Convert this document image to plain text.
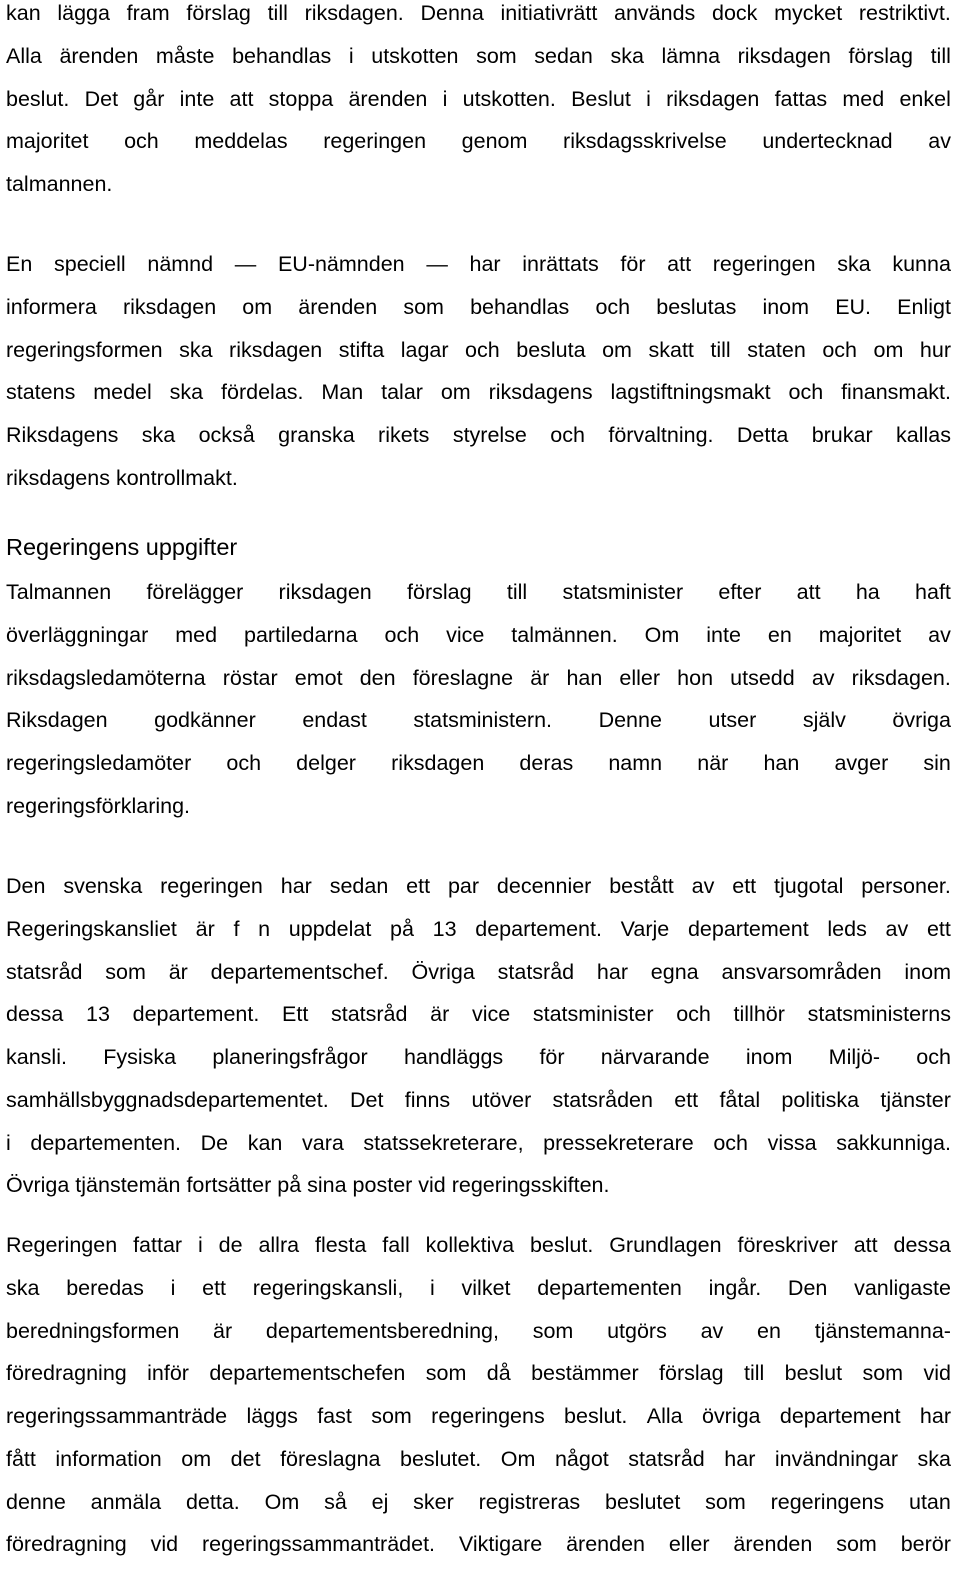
kan lägga fram förslag till riksdagen. Denna initiativrätt används dock mycket restriktivt.
Alla ärenden måste behandlas i utskotten som sedan ska lämna riksdagen förslag till
beslut. Det går inte att stoppa ärenden i utskotten. Beslut i riksdagen fattas med enkel
majoritet och meddelas regeringen genom riksdagsskrivelse undertecknad av
talmannen.
En speciell nämnd — EU-nämnden — har inrättats för att regeringen ska kunna
informera riksdagen om ärenden som behandlas och beslutas inom EU. Enligt
regeringsformen ska riksdagen stifta lagar och besluta om skatt till staten och om hur
statens medel ska fördelas. Man talar om riksdagens lagstiftningsmakt och finansmakt.
Riksdagens ska också granska rikets styrelse och förvaltning. Detta brukar kallas
riksdagens kontrollmakt.
Regeringens uppgifter
Talmannen förelägger riksdagen förslag till statsminister efter att ha haft
överläggningar med partiledarna och vice talmännen. Om inte en majoritet av
riksdagsledamöterna röstar emot den föreslagne är han eller hon utsedd av riksdagen.
Riksdagen godkänner endast statsministern. Denne utser själv övriga
regeringsledamöter och delger riksdagen deras namn när han avger sin
regeringsförklaring.
Den svenska regeringen har sedan ett par decennier bestått av ett tjugotal personer.
Regeringskansliet är f n uppdelat på 13 departement. Varje departement leds av ett
statsråd som är departementschef. Övriga statsråd har egna ansvarsområden inom
dessa 13 departement. Ett statsråd är vice statsminister och tillhör statsministerns
kansli. Fysiska planeringsfrågor handläggs för närvarande inom Miljö- och
samhällsbyggnadsdepartementet. Det finns utöver statsråden ett fåtal politiska tjänster
i departementen. De kan vara statssekreterare, pressekreterare och vissa sakkunniga.
Övriga tjänstemän fortsätter på sina poster vid regeringsskiften.
Regeringen fattar i de allra flesta fall kollektiva beslut. Grundlagen föreskriver att dessa
ska beredas i ett regeringskansli, i vilket departementen ingår. Den vanligaste
beredningsformen är departementsberedning, som utgörs av en tjänstemanna-
föredragning inför departementschefen som då bestämmer förslag till beslut som vid
regeringssammanträde läggs fast som regeringens beslut. Alla övriga departement har
fått information om det föreslagna beslutet. Om något statsråd har invändningar ska
denne anmäla detta. Om så ej sker registreras beslutet som regeringens utan
föredragning vid regeringssammanträdet. Viktigare ärenden eller ärenden som berör
